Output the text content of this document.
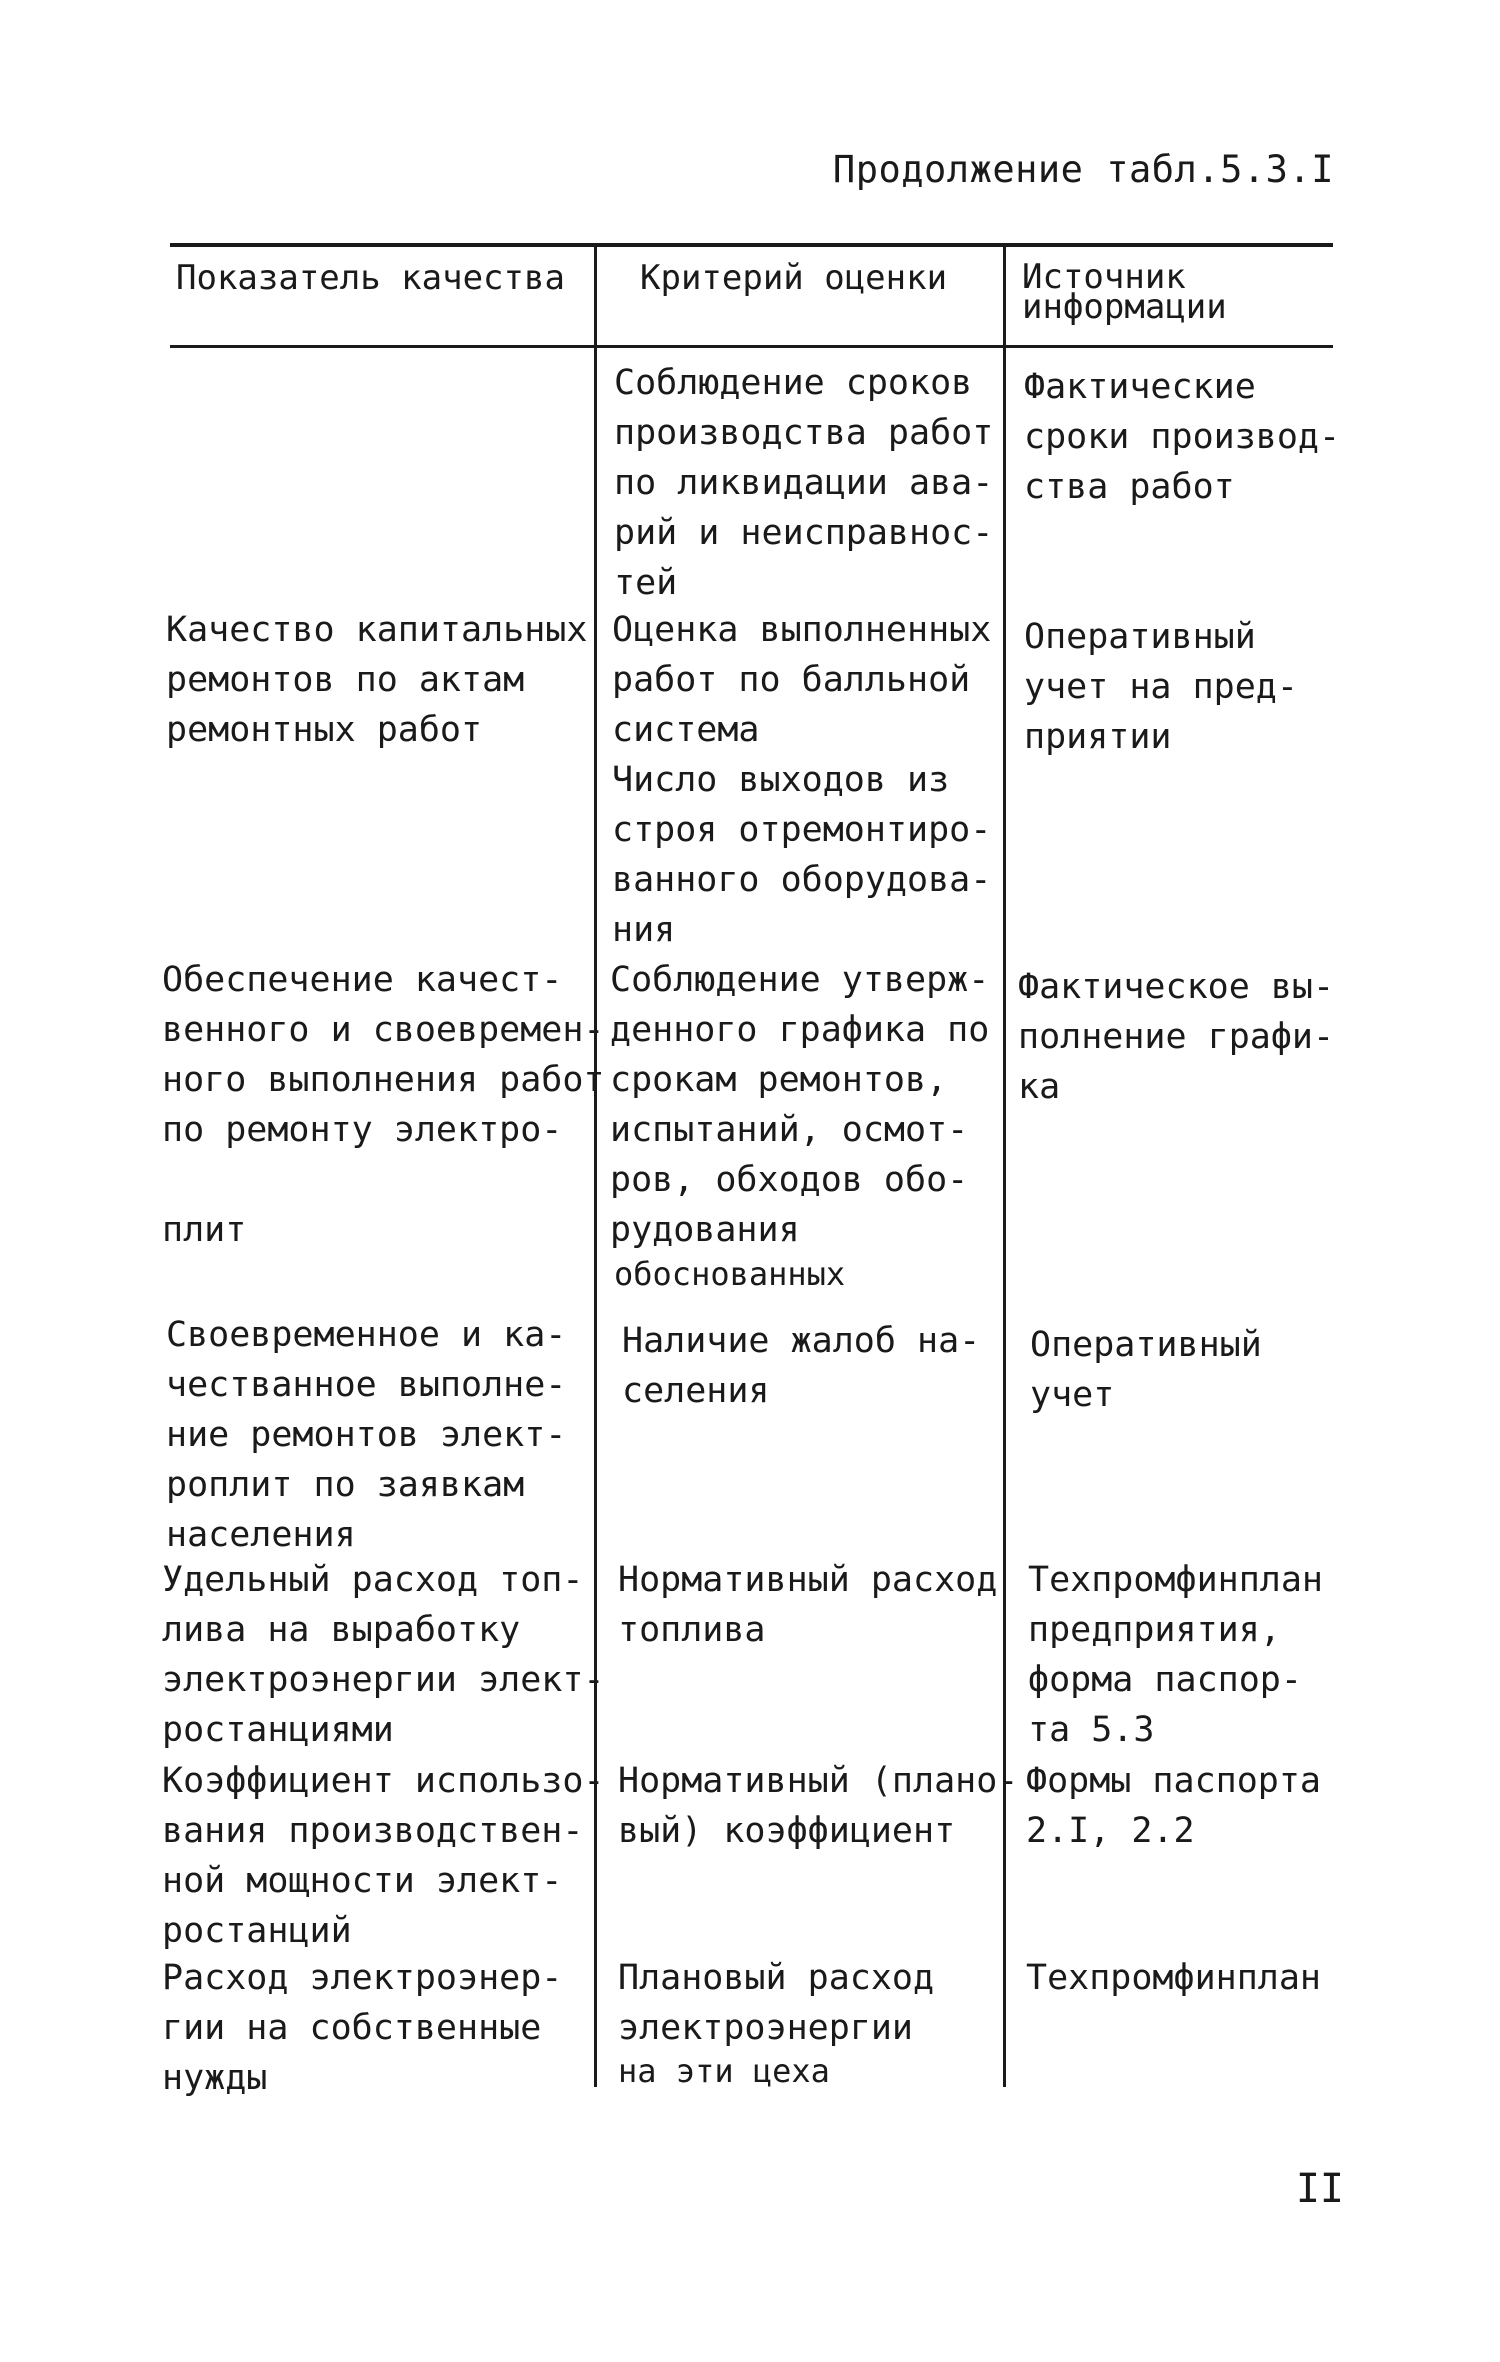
Продолжение табл.5.3.I
Показатель качества Критерий оценки Источник
информации
Соблюдение сроков
производства работ
по ликвидации ава-
рий и неисправнос-
тей
Фактические
сроки производ-
ства работ
Качество капитальных
ремонтов по актам
ремонтных работ
Оценка выполненных
работ по балльной
система
Число выходов из
строя отремонтиро-
ванного оборудова-
ния
Оперативный
учет на пред-
приятии
Обеспечение качест-
венного и своевремен-
ного выполнения работ
по ремонту электро-
плит
Соблюдение утверж-
денного графика по
срокам ремонтов,
испытаний, осмот-
ров, обходов обо-
рудования
обоснованных
Фактическое вы-
полнение графи-
ка
Своевременное и ка-
честванное выполне-
ние ремонтов элект-
роплит по заявкам
населения
Наличие жалоб на-
селения
Оперативный
учет
Удельный расход топ-
лива на выработку
электроэнергии элект-
ростанциями
Нормативный расход
топлива
Техпромфинплан
предприятия,
форма паспор-
та 5.3
Коэффициент использо-
вания производствен-
ной мощности элект-
ростанций
Нормативный (плано-
вый) коэффициент
Формы паспорта
2.I, 2.2
Расход электроэнер-
гии на собственные
нужды
Плановый расход
электроэнергии
на эти цеха
Техпромфинплан
II
